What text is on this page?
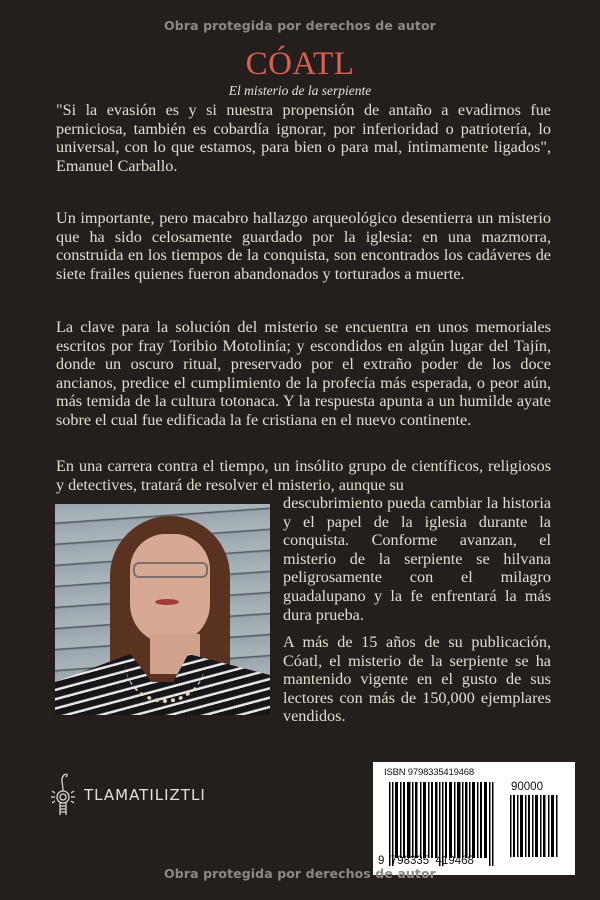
Obra protegida por derechos de autor
CÓATL
El misterio de la serpiente
"Si la evasión es y si nuestra propensión de antaño a evadirnos fue perniciosa, también es cobardía ignorar, por inferioridad o patriotería, lo universal, con lo que estamos, para bien o para mal, íntimamente ligados", Emanuel Carballo.
Un importante, pero macabro hallazgo arqueológico desentierra un misterio que ha sido celosamente guardado por la iglesia: en una mazmorra, construida en los tiempos de la conquista, son encontrados los cadáveres de siete frailes quienes fueron abandonados y torturados a muerte.
La clave para la solución del misterio se encuentra en unos memoriales escritos por fray Toribio Motolinía; y escondidos en algún lugar del Tajín, donde un oscuro ritual, preservado por el extraño poder de los doce ancianos, predice el cumplimiento de la profecía más esperada, o peor aún, más temida de la cultura totonaca. Y la respuesta apunta a un humilde ayate sobre el cual fue edificada la fe cristiana en el nuevo continente.
En una carrera contra el tiempo, un insólito grupo de científicos, religiosos y detectives, tratará de resolver el misterio, aunque su
descubrimiento pueda cambiar la historia y el papel de la iglesia durante la conquista. Conforme avanzan, el misterio de la serpiente se hilvana peligrosamente con el milagro guadalupano y la fe enfrentará la más dura prueba.
A más de 15 años de su publicación, Cóatl, el misterio de la serpiente se ha mantenido vigente en el gusto de sus lectores con más de 150,000 ejemplares vendidos.
TLAMATILIZTLI
ISBN 9798335419468
90000
9  798335  419468
Obra protegida por derechos de autor
